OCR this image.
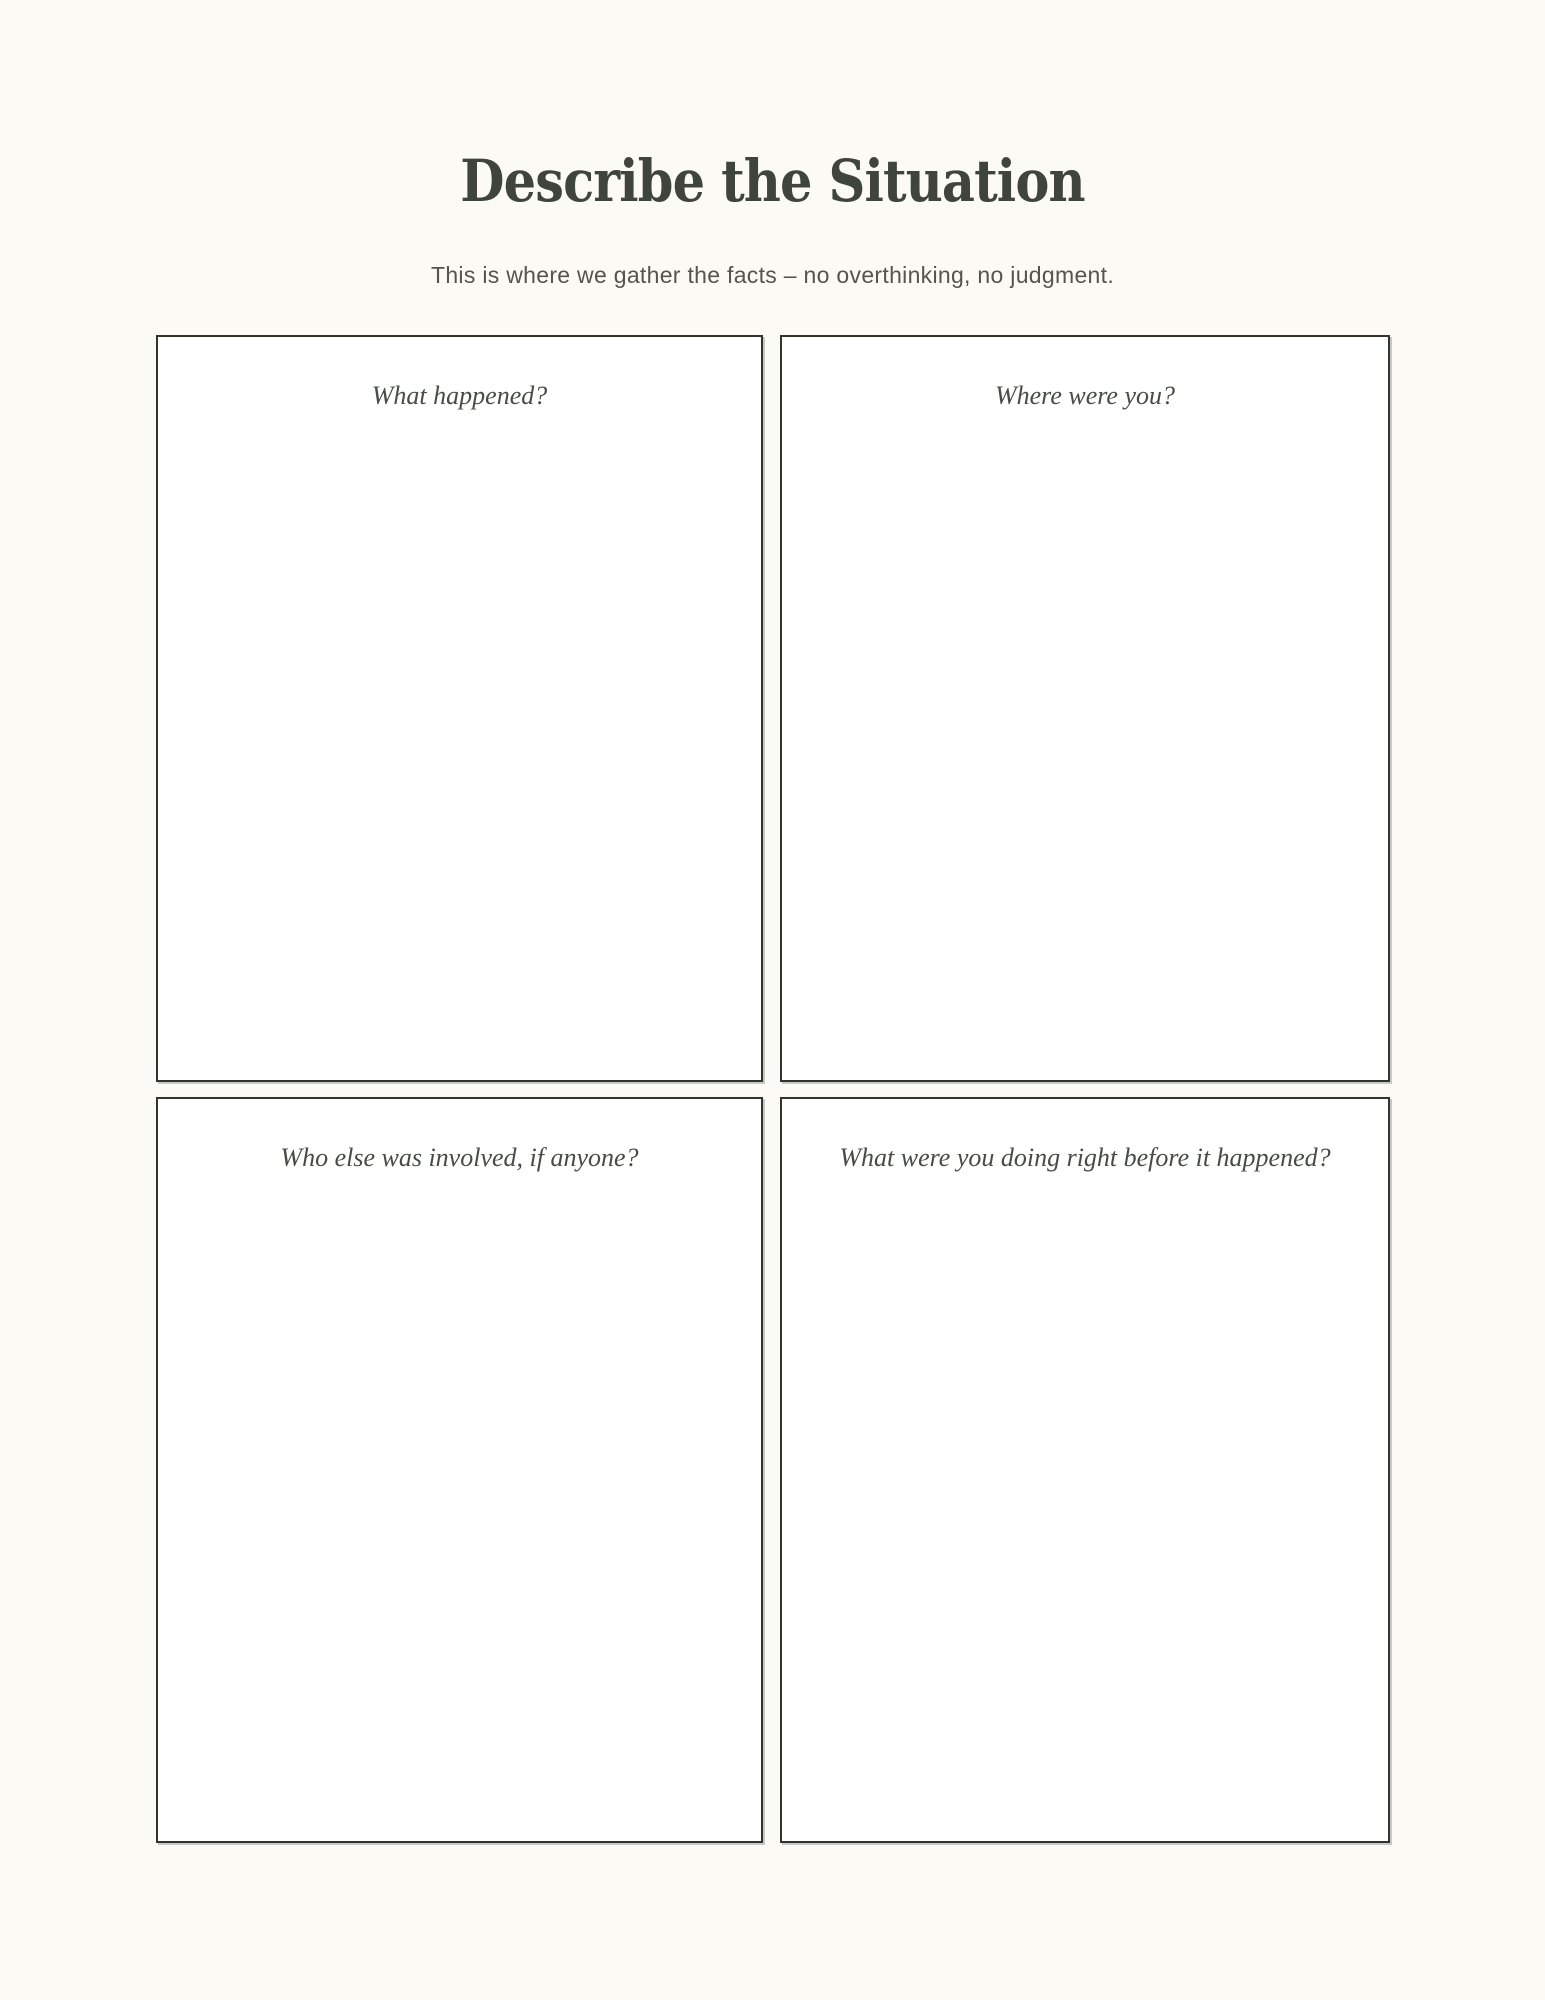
Describe the Situation

This is where we gather the facts – no overthinking, no judgment.

What happened?	Where were you?
Who else was involved, if anyone?	What were you doing right before it happened?
